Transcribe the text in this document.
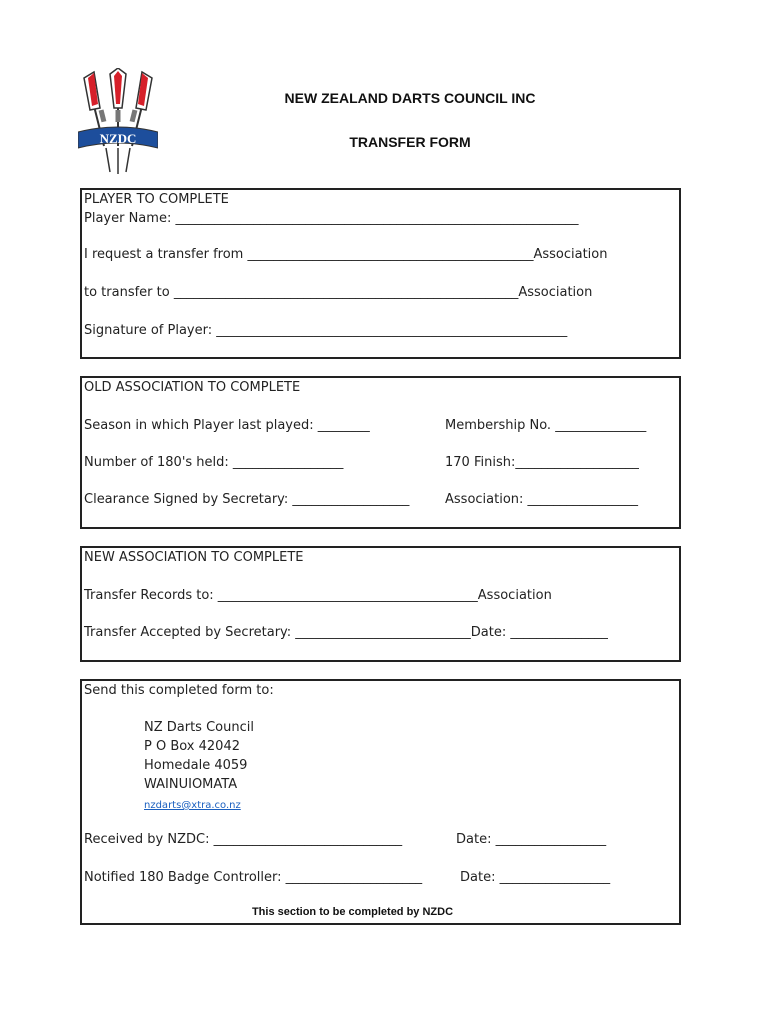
NZDC
NEW ZEALAND DARTS COUNCIL INC
TRANSFER FORM
PLAYER TO COMPLETE
Player Name: ______________________________________________________________
I request a transfer from ____________________________________________Association
to transfer to _____________________________________________________Association
Signature of Player: ______________________________________________________
OLD ASSOCIATION TO COMPLETE
Season in which Player last played: ________	Membership No. ______________
Number of 180's held: _________________	170 Finish:___________________
Clearance Signed by Secretary: __________________	Association: _________________
NEW ASSOCIATION TO COMPLETE
Transfer Records to: ________________________________________Association
Transfer Accepted by Secretary: ___________________________Date: _______________
Send this completed form to:
NZ Darts Council
P O Box 42042
Homedale 4059
WAINUIOMATA
nzdarts@xtra.co.nz
Received by NZDC: _____________________________	Date: _________________
Notified 180 Badge Controller: _____________________	Date: _________________
This section to be completed by NZDC
